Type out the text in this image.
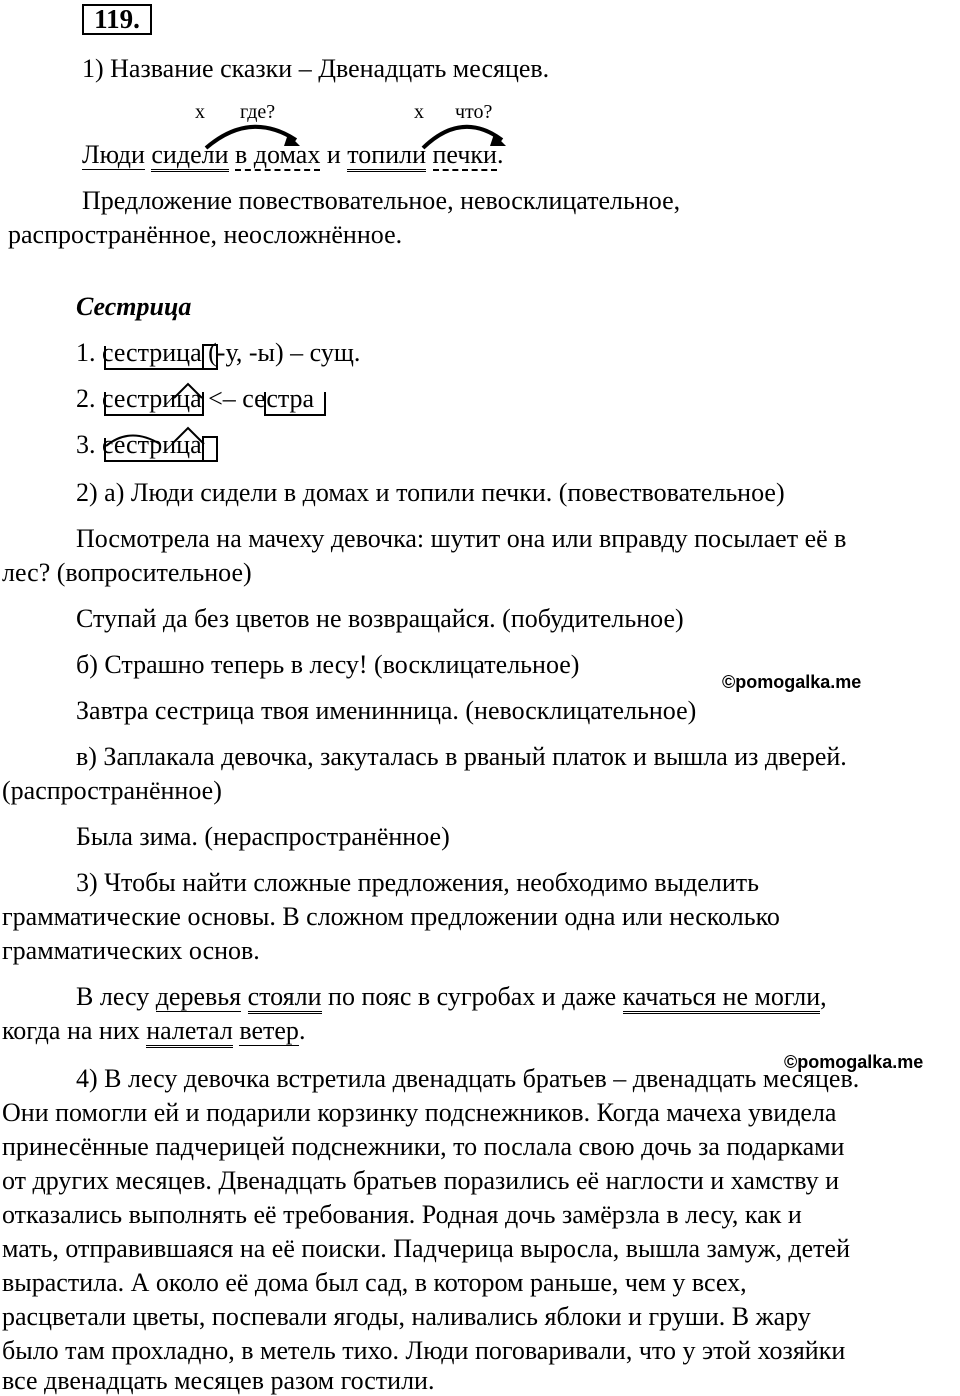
119.
1) Название сказки – Двенадцать месяцев.
х где?	х что?
Люди сидели в домах и топили печки.
Предложение повествовательное, невосклицательное,
распространённое, неосложнённое.
Сестрица
1. сестрица (-у, -ы) – сущ.
2. сестрица <– сестра
3. сестрица
2) а) Люди сидели в домах и топили печки. (повествовательное)
Посмотрела на мачеху девочка: шутит она или вправду посылает её в
лес? (вопросительное)
Ступай да без цветов не возвращайся. (побудительное)
б) Страшно теперь в лесу! (восклицательное)
©pomogalka.me
Завтра сестрица твоя именинница. (невосклицательное)
в) Заплакала девочка, закуталась в рваный платок и вышла из дверей.
(распространённое)
Была зима. (нераспространённое)
3) Чтобы найти сложные предложения, необходимо выделить
грамматические основы. В сложном предложении одна или несколько
грамматических основ.
В лесу деревья стояли по пояс в сугробах и даже качаться не могли,
когда на них налетал ветер.
©pomogalka.me
4) В лесу девочка встретила двенадцать братьев – двенадцать месяцев.
Они помогли ей и подарили корзинку подснежников. Когда мачеха увидела
принесённые падчерицей подснежники, то послала свою дочь за подарками
от других месяцев. Двенадцать братьев поразились её наглости и хамству и
отказались выполнять её требования. Родная дочь замёрзла в лесу, как и
мать, отправившаяся на её поиски. Падчерица выросла, вышла замуж, детей
вырастила. А около её дома был сад, в котором раньше, чем у всех,
расцветали цветы, поспевали ягоды, наливались яблоки и груши. В жару
было там прохладно, в метель тихо. Люди поговаривали, что у этой хозяйки
все двенадцать месяцев разом гостили.
